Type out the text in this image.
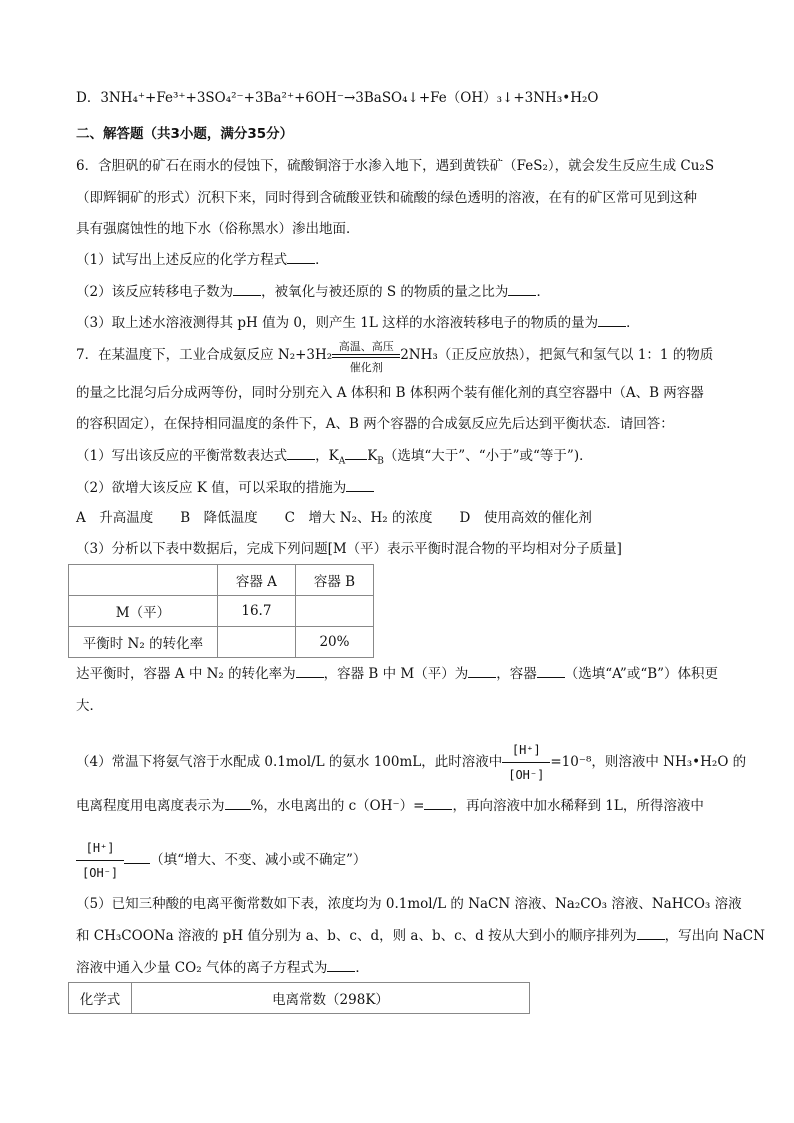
D．3NH₄⁺+Fe³⁺+3SO₄²⁻+3Ba²⁺+6OH⁻→3BaSO₄↓+Fe（OH）₃↓+3NH₃•H₂O
二、解答题（共3小题，满分35分）
6．含胆矾的矿石在雨水的侵蚀下，硫酸铜溶于水渗入地下，遇到黄铁矿（FeS₂），就会发生反应生成 Cu₂S
（即辉铜矿的形式）沉积下来，同时得到含硫酸亚铁和硫酸的绿色透明的溶液，在有的矿区常可见到这种
具有强腐蚀性的地下水（俗称黑水）渗出地面．
（1）试写出上述反应的化学方程式 ．
（2）该反应转移电子数为 ，被氧化与被还原的 S 的物质的量之比为 ．
（3）取上述水溶液测得其 pH 值为 0，则产生 1L 这样的水溶液转移电子的物质的量为 ．
7．在某温度下，工业合成氨反应 N₂+3H₂
高温、高压
催化剂
2NH₃（正反应放热），把氮气和氢气以 1：1 的物质
的量之比混匀后分成两等份，同时分别充入 A 体积和 B 体积两个装有催化剂的真空容器中（A、B 两容器
的容积固定），在保持相同温度的条件下，A、B 两个容器的合成氨反应先后达到平衡状态．请回答：
（1）写出该反应的平衡常数表达式 ，$K_A$ $K_B$（选填“大于”、“小于”或“等于”)．
（2）欲增大该反应 K 值，可以采取的措施为
A　升高温度　　B　降低温度　　C　增大 N₂、H₂ 的浓度　　D　使用高效的催化剂
（3）分析以下表中数据后，完成下列问题[M（平）表示平衡时混合物的平均相对分子质量]
	容器 A	容器 B
M（平）	16.7	
平衡时 N₂ 的转化率		20%
达平衡时，容器 A 中 N₂ 的转化率为 ，容器 B 中 M（平）为 ，容器 （选填“A”或“B”）体积更
大．
（4）常温下将氨气溶于水配成 0.1mol/L 的氨水 100mL，此时溶液中 $\frac{[H^+]}{[OH^-]} =10^{-8}$，则溶液中 NH₃•H₂O 的
电离程度用电离度表示为 %，水电离出的 c（OH⁻）= ，再向溶液中加水稀释到 1L，所得溶液中
$\frac{[H^+]}{[OH^-]}$ （填“增大、不变、减小或不确定”）
（5）已知三种酸的电离平衡常数如下表，浓度均为 0.1mol/L 的 NaCN 溶液、Na₂CO₃ 溶液、NaHCO₃ 溶液
和 CH₃COONa 溶液的 pH 值分别为 a、b、c、d，则 a、b、c、d 按从大到小的顺序排列为 ，写出向 NaCN
溶液中通入少量 CO₂ 气体的离子方程式为 ．
化学式	电离常数（298K）
